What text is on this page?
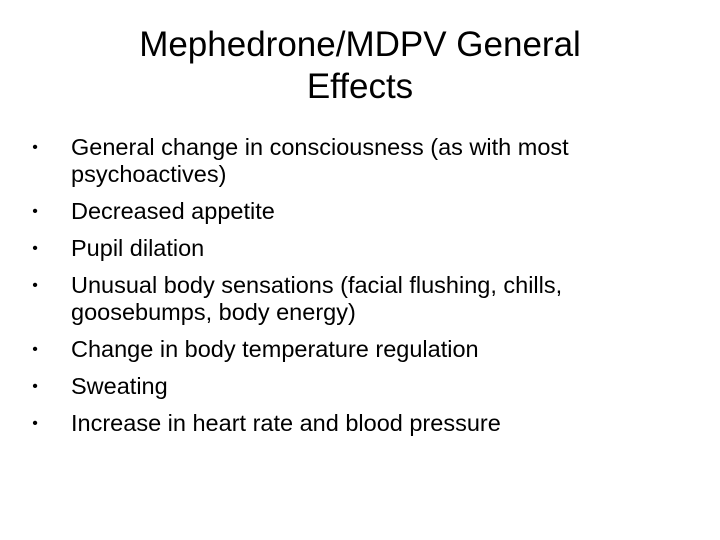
Mephedrone/MDPV General
Effects
•	General change in consciousness (as with most
psychoactives)
•	Decreased appetite
•	Pupil dilation
•	Unusual body sensations (facial flushing, chills,
goosebumps, body energy)
•	Change in body temperature regulation
•	Sweating
•	Increase in heart rate and blood pressure
